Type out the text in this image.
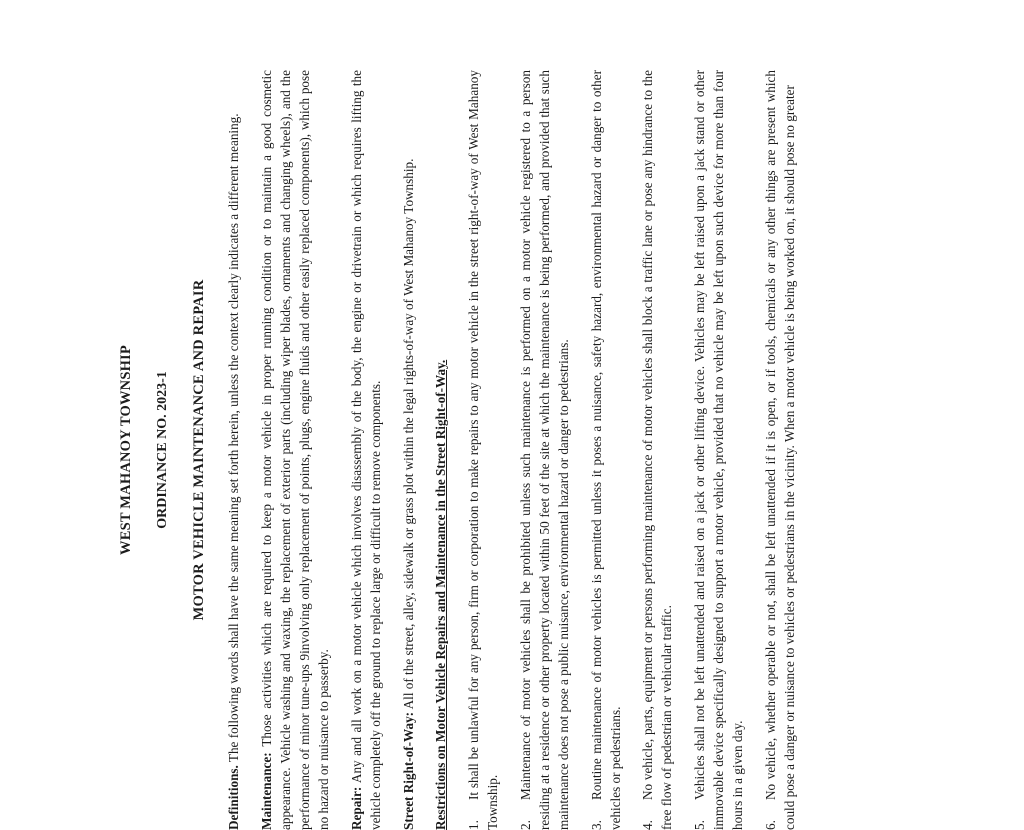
WEST MAHANOY TOWNSHIP ORDINANCE NO. 2023-1 MOTOR VEHICLE MAINTENANCE AND REPAIR

Definitions. The following words shall have the same meaning set forth herein, unless the context clearly indicates a different meaning.

Maintenance: Those activities which are required to keep a motor vehicle in proper running condition or to maintain a good cosmetic appearance. Vehicle washing and waxing, the replacement of exterior parts (including wiper blades, ornaments and changing wheels), and the performance of minor tune-ups 9involving only replacement of points, plugs, engine fluids and other easily replaced components), which pose no hazard or nuisance to passerby. Repair: Any and all work on a motor vehicle which involves disassembly of the body, the engine or drivetrain or which requires lifting the vehicle completely off the ground to replace large or difficult to remove components. Street Right-of-Way: All of the street, alley, sidewalk or grass plot within the legal rights-of-way of West Mahanoy Township. Restrictions on Motor Vehicle Repairs and Maintenance in the Street Right-of-Way. 1.It shall be unlawful for any person, firm or corporation to make repairs to any motor vehicle in the street right-of-way of West Mahanoy Township. 2.Maintenance of motor vehicles shall be prohibited unless such maintenance is performed on a motor vehicle registered to a person residing at a residence or other property located within 50 feet of the site at which the maintenance is being performed, and provided that such maintenance does not pose a public nuisance, environmental hazard or danger to pedestrians. 3.Routine maintenance of motor vehicles is permitted unless it poses a nuisance, safety hazard, environmental hazard or danger to other vehicles or pedestrians. 4.No vehicle, parts, equipment or persons performing maintenance of motor vehicles shall block a traffic lane or pose any hindrance to the free flow of pedestrian or vehicular traffic. 5.Vehicles shall not be left unattended and raised on a jack or other lifting device. Vehicles may be left raised upon a jack stand or other immovable device specifically designed to support a motor vehicle, provided that no vehicle may be left upon such device for more than four hours in a given day. 6.No vehicle, whether operable or not, shall be left unattended if it is open, or if tools, chemicals or any other things are present which could pose a danger or nuisance to vehicles or pedestrians in the vicinity. When a motor vehicle is being worked on, it should pose no greater
